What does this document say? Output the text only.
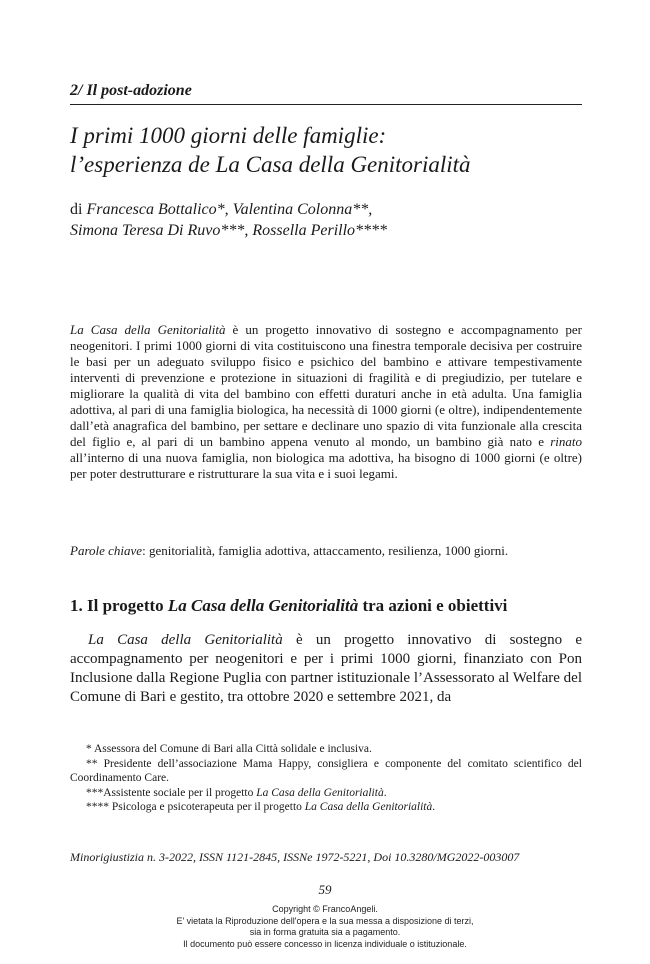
2/ Il post-adozione
I primi 1000 giorni delle famiglie:
l’esperienza de La Casa della Genitorialità
di Francesca Bottalico*, Valentina Colonna**,
Simona Teresa Di Ruvo***, Rossella Perillo****
La Casa della Genitorialità è un progetto innovativo di sostegno e accompagnamento per neogenitori. I primi 1000 giorni di vita costituiscono una finestra temporale decisiva per costruire le basi per un adeguato sviluppo fisico e psichico del bambino e attivare tempestivamente interventi di prevenzione e protezione in situazioni di fragilità e di pregiudizio, per tutelare e migliorare la qualità di vita del bambino con effetti duraturi anche in età adulta. Una famiglia adottiva, al pari di una famiglia biologica, ha necessità di 1000 giorni (e oltre), indipendentemente dall’età anagrafica del bambino, per settare e declinare uno spazio di vita funzionale alla crescita del figlio e, al pari di un bambino appena venuto al mondo, un bambino già nato e rinato all’interno di una nuova famiglia, non biologica ma adottiva, ha bisogno di 1000 giorni (e oltre) per poter destrutturare e ristrutturare la sua vita e i suoi legami.
Parole chiave: genitorialità, famiglia adottiva, attaccamento, resilienza, 1000 giorni.
1. Il progetto La Casa della Genitorialità tra azioni e obiettivi

La Casa della Genitorialità è un progetto innovativo di sostegno e accompagnamento per neogenitori e per i primi 1000 giorni, finanziato con Pon Inclusione dalla Regione Puglia con partner istituzionale l’Assessorato al Welfare del Comune di Bari e gestito, tra ottobre 2020 e settembre 2021, da

* Assessora del Comune di Bari alla Città solidale e inclusiva.
** Presidente dell’associazione Mama Happy, consigliera e componente del comitato scientifico del Coordinamento Care.
***Assistente sociale per il progetto La Casa della Genitorialità.
**** Psicologa e psicoterapeuta per il progetto La Casa della Genitorialità.
Minorigiustizia n. 3-2022, ISSN 1121-2845, ISSNe 1972-5221, Doi 10.3280/MG2022-003007
59
Copyright © FrancoAngeli.
E' vietata la Riproduzione dell'opera e la sua messa a disposizione di terzi,
sia in forma gratuita sia a pagamento.
Il documento può essere concesso in licenza individuale o istituzionale.
